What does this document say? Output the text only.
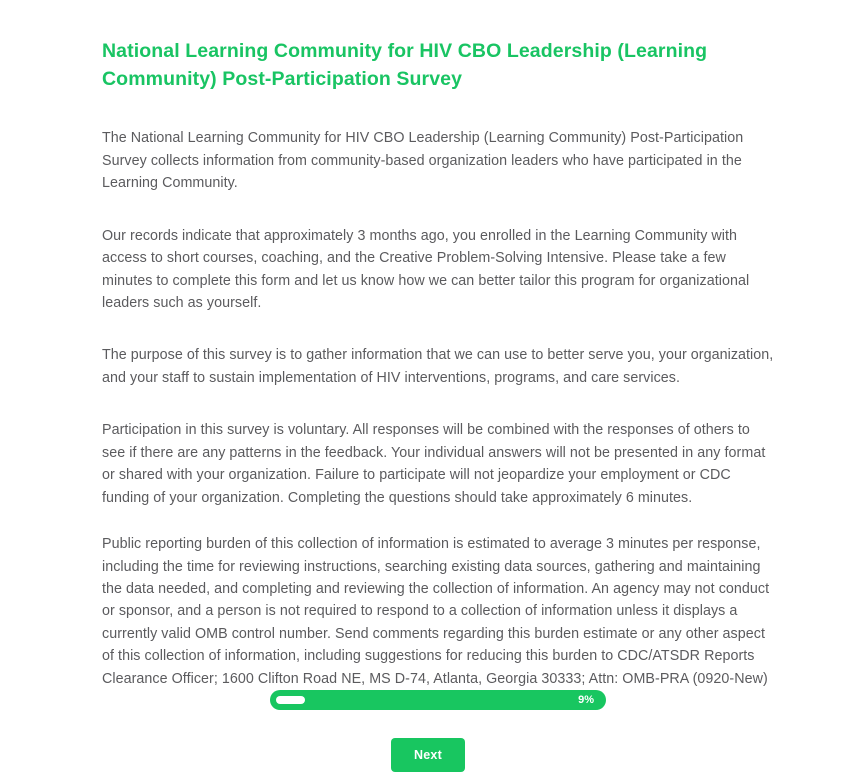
National Learning Community for HIV CBO Leadership (Learning Community) Post-Participation Survey

The National Learning Community for HIV CBO Leadership (Learning Community) Post-Participation Survey collects information from community-based organization leaders who have participated in the Learning Community.

Our records indicate that approximately 3 months ago, you enrolled in the Learning Community with access to short courses, coaching, and the Creative Problem-Solving Intensive. Please take a few minutes to complete this form and let us know how we can better tailor this program for organizational leaders such as yourself.

The purpose of this survey is to gather information that we can use to better serve you, your organization, and your staff to sustain implementation of HIV interventions, programs, and care services.

Participation in this survey is voluntary. All responses will be combined with the responses of others to see if there are any patterns in the feedback. Your individual answers will not be presented in any format or shared with your organization. Failure to participate will not jeopardize your employment or CDC funding of your organization. Completing the questions should take approximately 6 minutes.

Public reporting burden of this collection of information is estimated to average 3 minutes per response, including the time for reviewing instructions, searching existing data sources, gathering and maintaining the data needed, and completing and reviewing the collection of information. An agency may not conduct or sponsor, and a person is not required to respond to a collection of information unless it displays a currently valid OMB control number. Send comments regarding this burden estimate or any other aspect of this collection of information, including suggestions for reducing this burden to CDC/ATSDR Reports Clearance Officer; 1600 Clifton Road NE, MS D-74, Atlanta, Georgia 30333; Attn: OMB-PRA (0920-New)

9%
Next
